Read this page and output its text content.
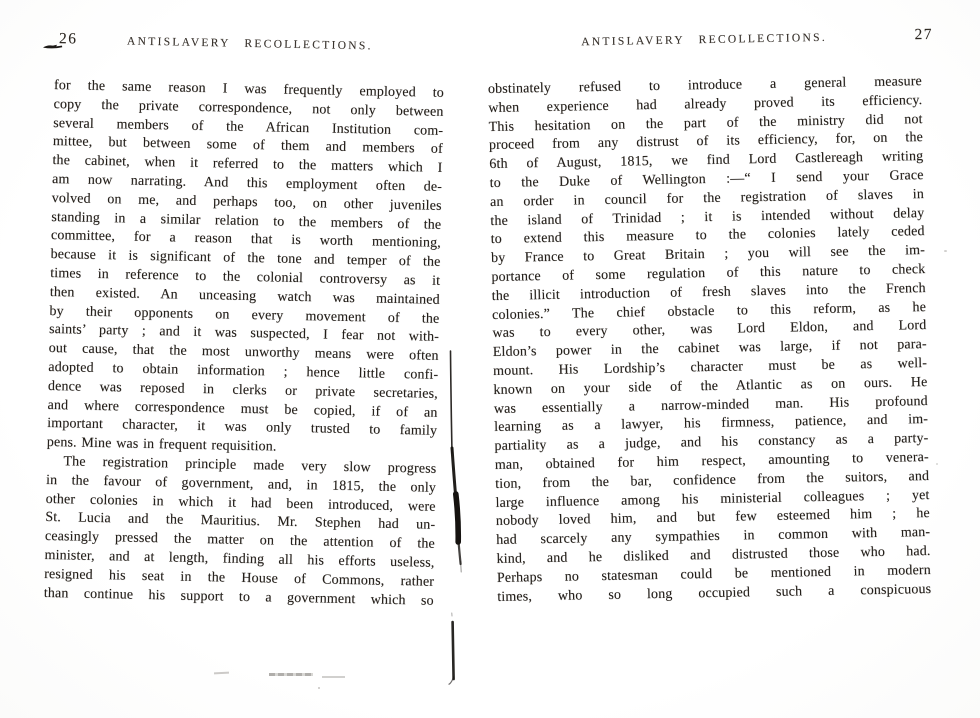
26	ANTISLAVERY RECOLLECTIONS.
for the same reason I was frequently employed to
copy the private correspondence, not only between
several members of the African Institution com-
mittee, but between some of them and members of
the cabinet, when it referred to the matters which I
am now narrating. And this employment often de-
volved on me, and perhaps too, on other juveniles
standing in a similar relation to the members of the
committee, for a reason that is worth mentioning,
because it is significant of the tone and temper of the
times in reference to the colonial controversy as it
then existed. An unceasing watch was maintained
by their opponents on every movement of the
saints’ party ; and it was suspected, I fear not with-
out cause, that the most unworthy means were often
adopted to obtain information ; hence little confi-
dence was reposed in clerks or private secretaries,
and where correspondence must be copied, if of an
important character, it was only trusted to family
pens. Mine was in frequent requisition.
The registration principle made very slow progress
in the favour of government, and, in 1815, the only
other colonies in which it had been introduced, were
St. Lucia and the Mauritius. Mr. Stephen had un-
ceasingly pressed the matter on the attention of the
minister, and at length, finding all his efforts useless,
resigned his seat in the House of Commons, rather
than continue his support to a government which so
ANTISLAVERY RECOLLECTIONS.	27
obstinately refused to introduce a general measure
when experience had already proved its efficiency.
This hesitation on the part of the ministry did not
proceed from any distrust of its efficiency, for, on the
6th of August, 1815, we find Lord Castlereagh writing
to the Duke of Wellington :—“ I send your Grace
an order in council for the registration of slaves in
the island of Trinidad ; it is intended without delay
to extend this measure to the colonies lately ceded
by France to Great Britain ; you will see the im-
portance of some regulation of this nature to check
the illicit introduction of fresh slaves into the French
colonies.” The chief obstacle to this reform, as he
was to every other, was Lord Eldon, and Lord
Eldon’s power in the cabinet was large, if not para-
mount. His Lordship’s character must be as well-
known on your side of the Atlantic as on ours. He
was essentially a narrow-minded man. His profound
learning as a lawyer, his firmness, patience, and im-
partiality as a judge, and his constancy as a party-
man, obtained for him respect, amounting to venera-
tion, from the bar, confidence from the suitors, and
large influence among his ministerial colleagues ; yet
nobody loved him, and but few esteemed him ; he
had scarcely any sympathies in common with man-
kind, and he disliked and distrusted those who had.
Perhaps no statesman could be mentioned in modern
times, who so long occupied such a conspicuous
